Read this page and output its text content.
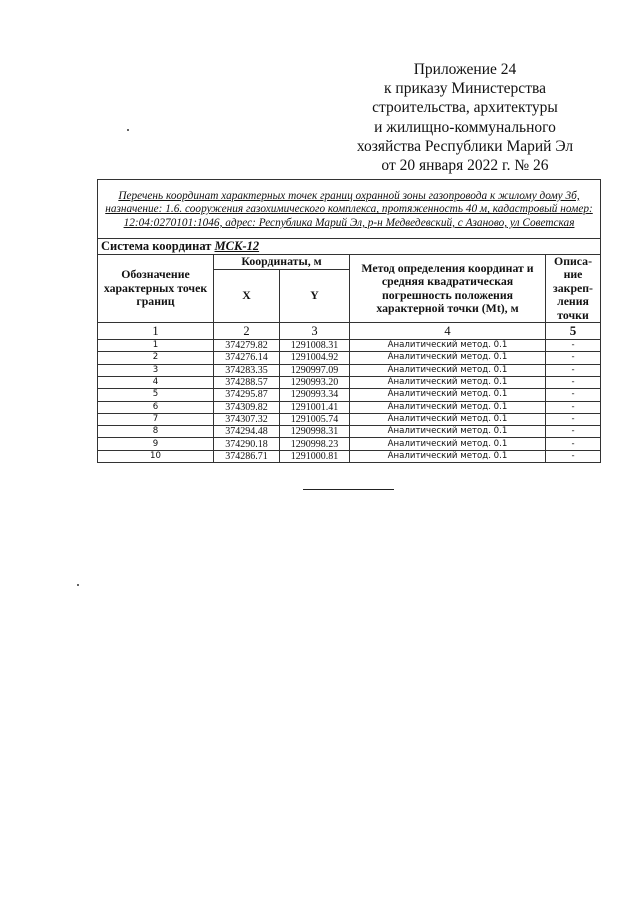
Приложение 24
к приказу Министерства
строительства, архитектуры
и жилищно-коммунального
хозяйства Республики Марий Эл
от 20 января 2022 г. № 26
Перечень координат характерных точек границ охранной зоны газопровода к жилому дому 3б, назначение: 1.6. сооружения газохимического комплекса, протяженность 40 м, кадастровый номер: 12:04:0270101:1046, адрес: Республика Марий Эл, р-н Медведевский, с Азаново, ул Советская				
Система координат МСК-12				
Обозначение характерных точек границ	Координаты, м		Метод определения координат и средняя квадратическая погрешность положения характерной точки (Mt), м	Описа-ние закреп-ления точки
	X	Y		
1	2	3	4	5
1	374279.82	1291008.31	Аналитический метод. 0.1	-
2	374276.14	1291004.92	Аналитический метод. 0.1	-
3	374283.35	1290997.09	Аналитический метод. 0.1	-
4	374288.57	1290993.20	Аналитический метод. 0.1	-
5	374295.87	1290993.34	Аналитический метод. 0.1	-
6	374309.82	1291001.41	Аналитический метод. 0.1	-
7	374307.32	1291005.74	Аналитический метод. 0.1	-
8	374294.48	1290998.31	Аналитический метод. 0.1	-
9	374290.18	1290998.23	Аналитический метод. 0.1	-
10	374286.71	1291000.81	Аналитический метод. 0.1	-
